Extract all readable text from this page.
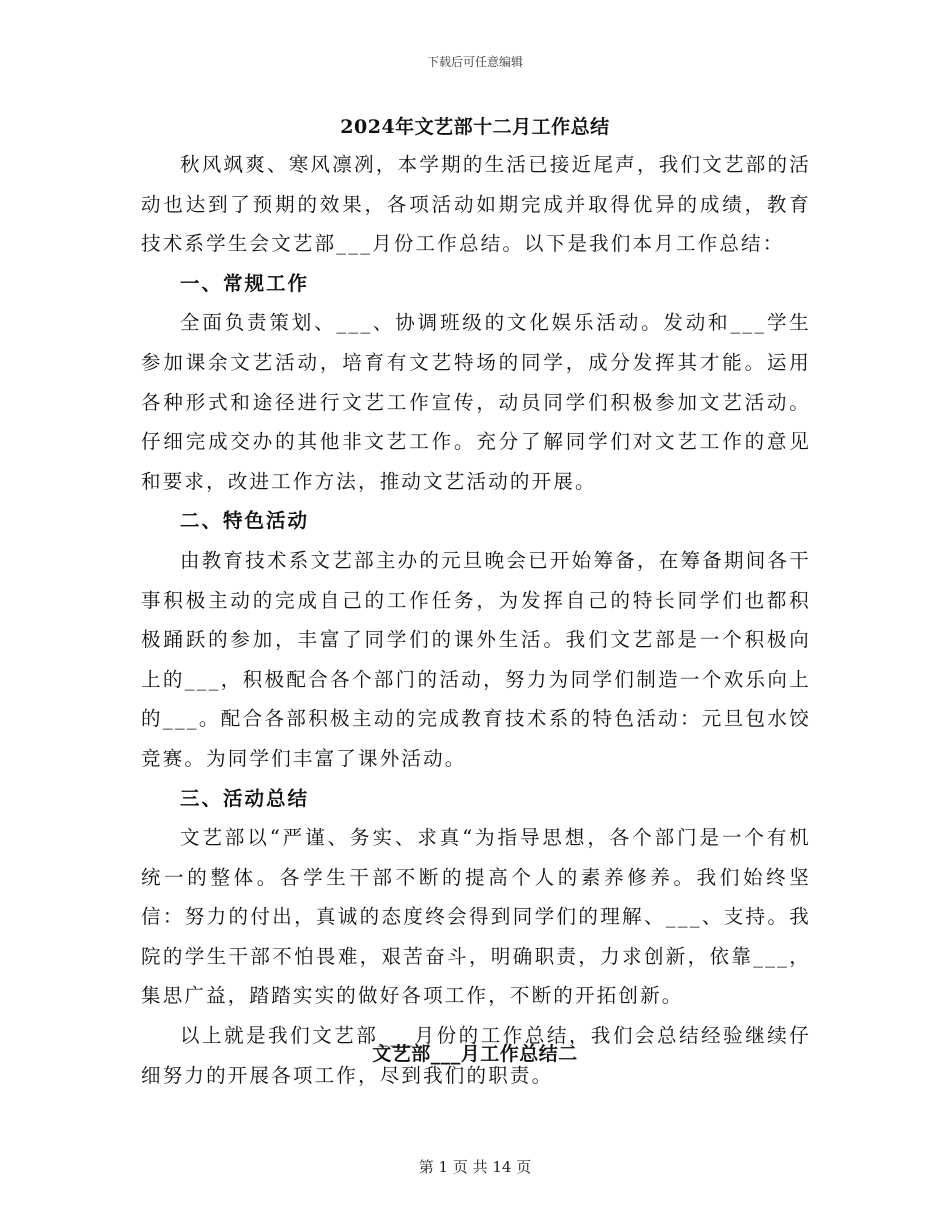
下载后可任意编辑
2024年文艺部十二月工作总结

秋风飒爽、寒风凛冽，本学期的生活已接近尾声，我们文艺部的活动也达到了预期的效果，各项活动如期完成并取得优异的成绩，教育技术系学生会文艺部___月份工作总结。以下是我们本月工作总结：

一、常规工作

全面负责策划、___、协调班级的文化娱乐活动。发动和___学生参加课余文艺活动，培育有文艺特场的同学，成分发挥其才能。运用各种形式和途径进行文艺工作宣传，动员同学们积极参加文艺活动。仔细完成交办的其他非文艺工作。充分了解同学们对文艺工作的意见和要求，改进工作方法，推动文艺活动的开展。

二、特色活动

由教育技术系文艺部主办的元旦晚会已开始筹备，在筹备期间各干事积极主动的完成自己的工作任务，为发挥自己的特长同学们也都积极踊跃的参加，丰富了同学们的课外生活。我们文艺部是一个积极向上的___，积极配合各个部门的活动，努力为同学们制造一个欢乐向上的___。配合各部积极主动的完成教育技术系的特色活动：元旦包水饺竞赛。为同学们丰富了课外活动。

三、活动总结

文艺部以“严谨、务实、求真“为指导思想，各个部门是一个有机统一的整体。各学生干部不断的提高个人的素养修养。我们始终坚信：努力的付出，真诚的态度终会得到同学们的理解、___、支持。我院的学生干部不怕畏难，艰苦奋斗，明确职责，力求创新，依靠___，集思广益，踏踏实实的做好各项工作，不断的开拓创新。

以上就是我们文艺部___月份的工作总结，我们会总结经验继续仔细努力的开展各项工作，尽到我们的职责。

文艺部___月工作总结二
第 1 页 共 14 页
